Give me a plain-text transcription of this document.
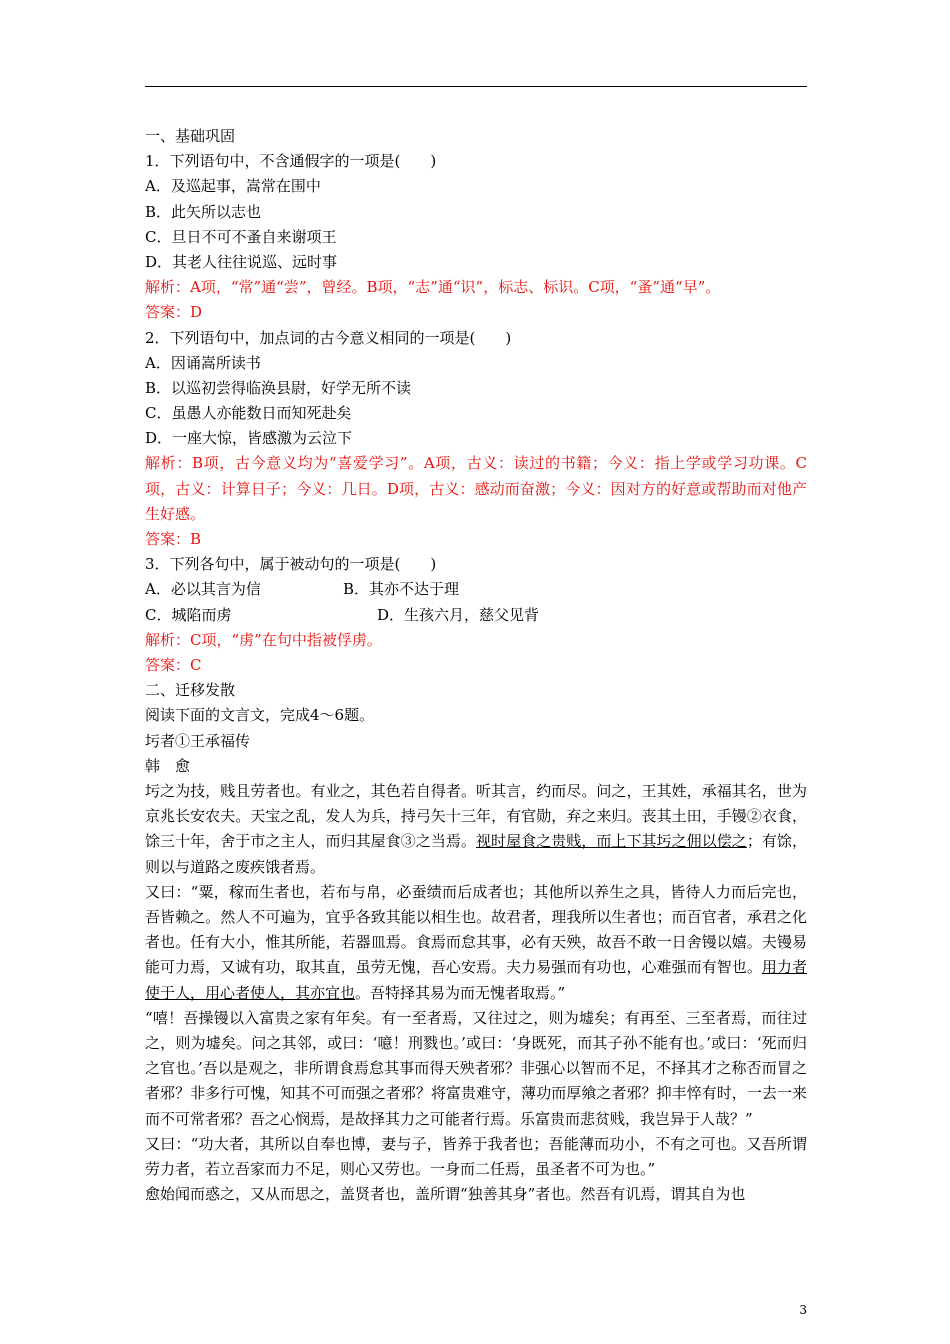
一、基础巩固
1．下列语句中，不含通假字的一项是(　　)
A．及巡起事，嵩常在围中
B．此矢所以志也
C．旦日不可不蚤自来谢项王
D．其老人往往说巡、远时事
解析：A项，“常”通“尝”，曾经。B项，“志”通“识”，标志、标识。C项，“蚤”通“早”。
答案：D
2．下列语句中，加点词的古今意义相同的一项是(　　)
A．因诵嵩所读书
B．以巡初尝得临涣县尉，好学无所不读
C．虽愚人亦能数日而知死赴矣
D．一座大惊，皆感激为云泣下
解析：B项，古今意义均为“喜爱学习”。A项，古义：读过的书籍；今义：指上学或学习功课。C项，古义：计算日子；今义：几日。D项，古义：感动而奋激；今义：因对方的好意或帮助而对他产生好感。
答案：B
3．下列各句中，属于被动句的一项是(　　)
A．必以其言为信	B．其亦不达于理
C．城陷而虏	D．生孩六月，慈父见背
解析：C项，“虏”在句中指被俘虏。
答案：C
二、迁移发散
阅读下面的文言文，完成4～6题。
圬者①王承福传
韩　愈
圬之为技，贱且劳者也。有业之，其色若自得者。听其言，约而尽。问之，王其姓，承福其名，世为京兆长安农夫。天宝之乱，发人为兵，持弓矢十三年，有官勋，弃之来归。丧其土田，手镘②衣食，馀三十年，舍于市之主人，而归其屋食③之当焉。视时屋食之贵贱，而上下其圬之佣以偿之；有馀，则以与道路之废疾饿者焉。
又曰：“粟，稼而生者也，若布与帛，必蚕绩而后成者也；其他所以养生之具，皆待人力而后完也，吾皆赖之。然人不可遍为，宜乎各致其能以相生也。故君者，理我所以生者也；而百官者，承君之化者也。任有大小，惟其所能，若器皿焉。食焉而怠其事，必有天殃，故吾不敢一日舍镘以嬉。夫镘易能可力焉，又诚有功，取其直，虽劳无愧，吾心安焉。夫力易强而有功也，心难强而有智也。用力者使于人，用心者使人，其亦宜也。吾特择其易为而无愧者取焉。”
“嘻！吾操镘以入富贵之家有年矣。有一至者焉，又往过之，则为墟矣；有再至、三至者焉，而往过之，则为墟矣。问之其邻，或曰：‘噫！刑戮也。’或曰：‘身既死，而其子孙不能有也。’或曰：‘死而归之官也。’吾以是观之，非所谓食焉怠其事而得天殃者邪？非强心以智而不足，不择其才之称否而冒之者邪？非多行可愧，知其不可而强之者邪？将富贵难守，薄功而厚飨之者邪？抑丰悴有时，一去一来而不可常者邪？吾之心悯焉，是故择其力之可能者行焉。乐富贵而悲贫贱，我岂异于人哉？”
又曰：“功大者，其所以自奉也博，妻与子，皆养于我者也；吾能薄而功小，不有之可也。又吾所谓劳力者，若立吾家而力不足，则心又劳也。一身而二任焉，虽圣者不可为也。”
愈始闻而惑之，又从而思之，盖贤者也，盖所谓“独善其身”者也。然吾有讥焉，谓其自为也
3
